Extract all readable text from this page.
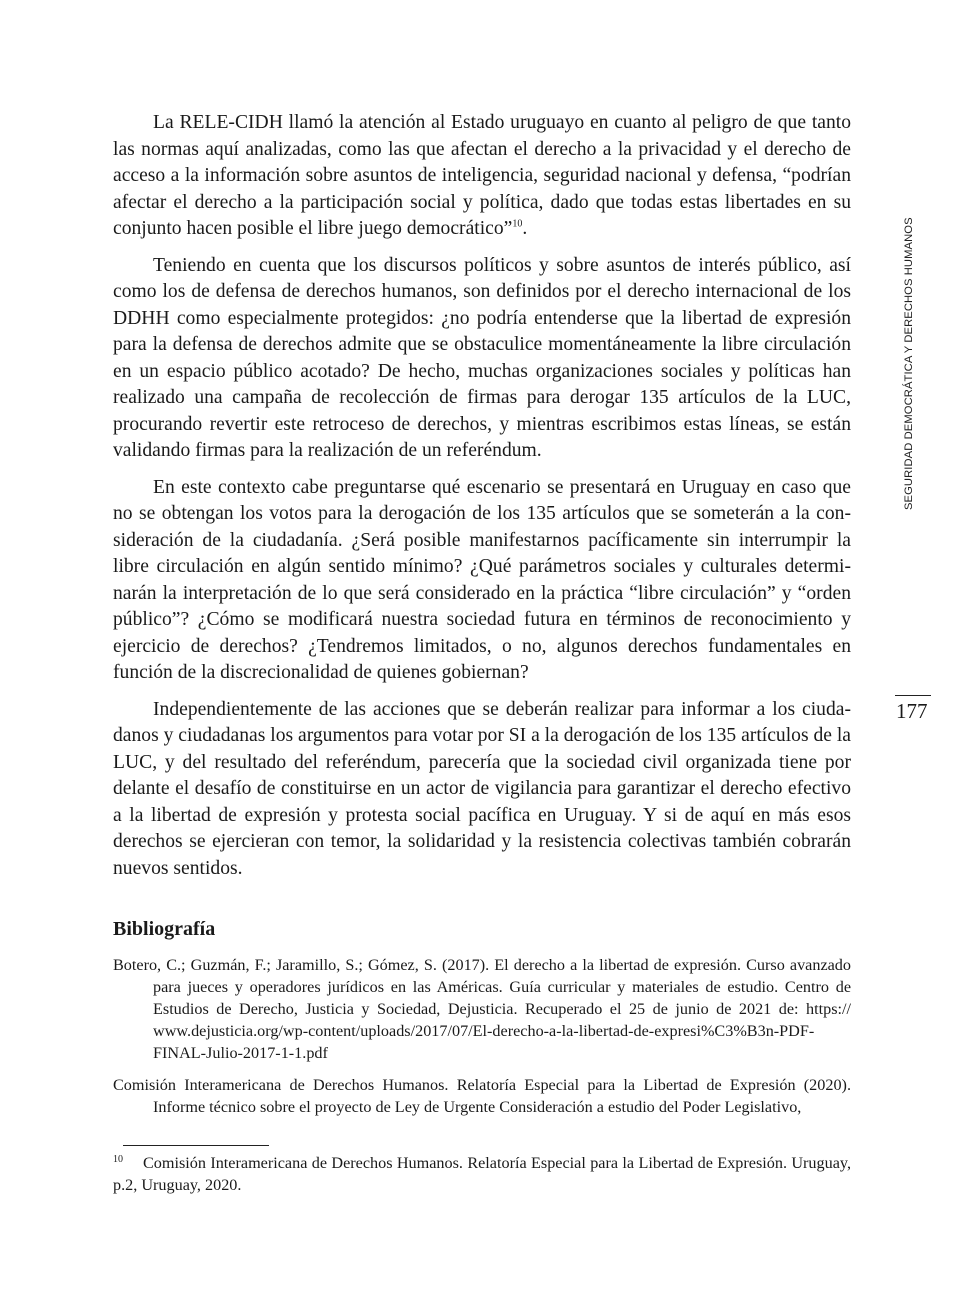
La RELE-CIDH llamó la atención al Estado uruguayo en cuanto al peligro de que tanto las normas aquí analizadas, como las que afectan el derecho a la privacidad y el derecho de acceso a la información sobre asuntos de inteligencia, seguridad nacional y defensa, “podrían afectar el derecho a la participación social y política, dado que todas estas libertades en su conjunto hacen posible el libre juego democrático”$^{10}$.

Teniendo en cuenta que los discursos políticos y sobre asuntos de interés público, así como los de defensa de derechos humanos, son definidos por el derecho internacional de los DDHH como especialmente protegidos: ¿no podría entenderse que la libertad de expresión para la defensa de derechos admite que se obstaculice momentáneamente la libre circulación en un espacio público acotado? De hecho, muchas organizaciones sociales y políticas han realizado una campaña de recolección de firmas para derogar 135 artículos de la LUC, procurando revertir este retroceso de derechos, y mientras escribimos estas líneas, se están validando firmas para la realización de un referéndum.

En este contexto cabe preguntarse qué escenario se presentará en Uruguay en caso que no se obtengan los votos para la derogación de los 135 artículos que se someterán a la consideración de la ciudadanía. ¿Será posible manifestarnos pacíficamente sin interrumpir la libre circulación en algún sentido mínimo? ¿Qué parámetros sociales y culturales determinarán la interpretación de lo que será considerado en la práctica “libre circulación” y “orden público”? ¿Cómo se modificará nuestra sociedad futura en términos de reconocimiento y ejercicio de derechos? ¿Tendremos limitados, o no, algunos derechos fundamentales en función de la discrecionalidad de quienes gobiernan?

Independientemente de las acciones que se deberán realizar para informar a los ciudadanos y ciudadanas los argumentos para votar por SI a la derogación de los 135 artículos de la LUC, y del resultado del referéndum, parecería que la sociedad civil organizada tiene por delante el desafío de constituirse en un actor de vigilancia para garantizar el derecho efectivo a la libertad de expresión y protesta social pacífica en Uruguay. Y si de aquí en más esos derechos se ejercieran con temor, la solidaridad y la resistencia colectivas también cobrarán nuevos sentidos.

Bibliografía

Botero, C.; Guzmán, F.; Jaramillo, S.; Gómez, S. (2017). El derecho a la libertad de expresión. Curso avanzado para jueces y operadores jurídicos en las Américas. Guía curricular y materiales de estudio. Centro de Estudios de Derecho, Justicia y Sociedad, Dejusticia. Recuperado el 25 de junio de 2021 de: https://​www.dejusticia.org/wp-content/uploads/2017/07/El-derecho-a-la-libertad-de-expresi%C3%B3n-​PDF-FINAL-Julio-2017-1-1.pdf

Comisión Interamericana de Derechos Humanos. Relatoría Especial para la Libertad de Expresión (2020). Informe técnico sobre el proyecto de Ley de Urgente Consideración a estudio del Poder Legislativo,

10 Comisión Interamericana de Derechos Humanos. Relatoría Especial para la Libertad de Expresión. Uruguay, p.2, Uruguay, 2020.

SEGURIDAD DEMOCRÁTICA Y DERECHOS HUMANOS

177
